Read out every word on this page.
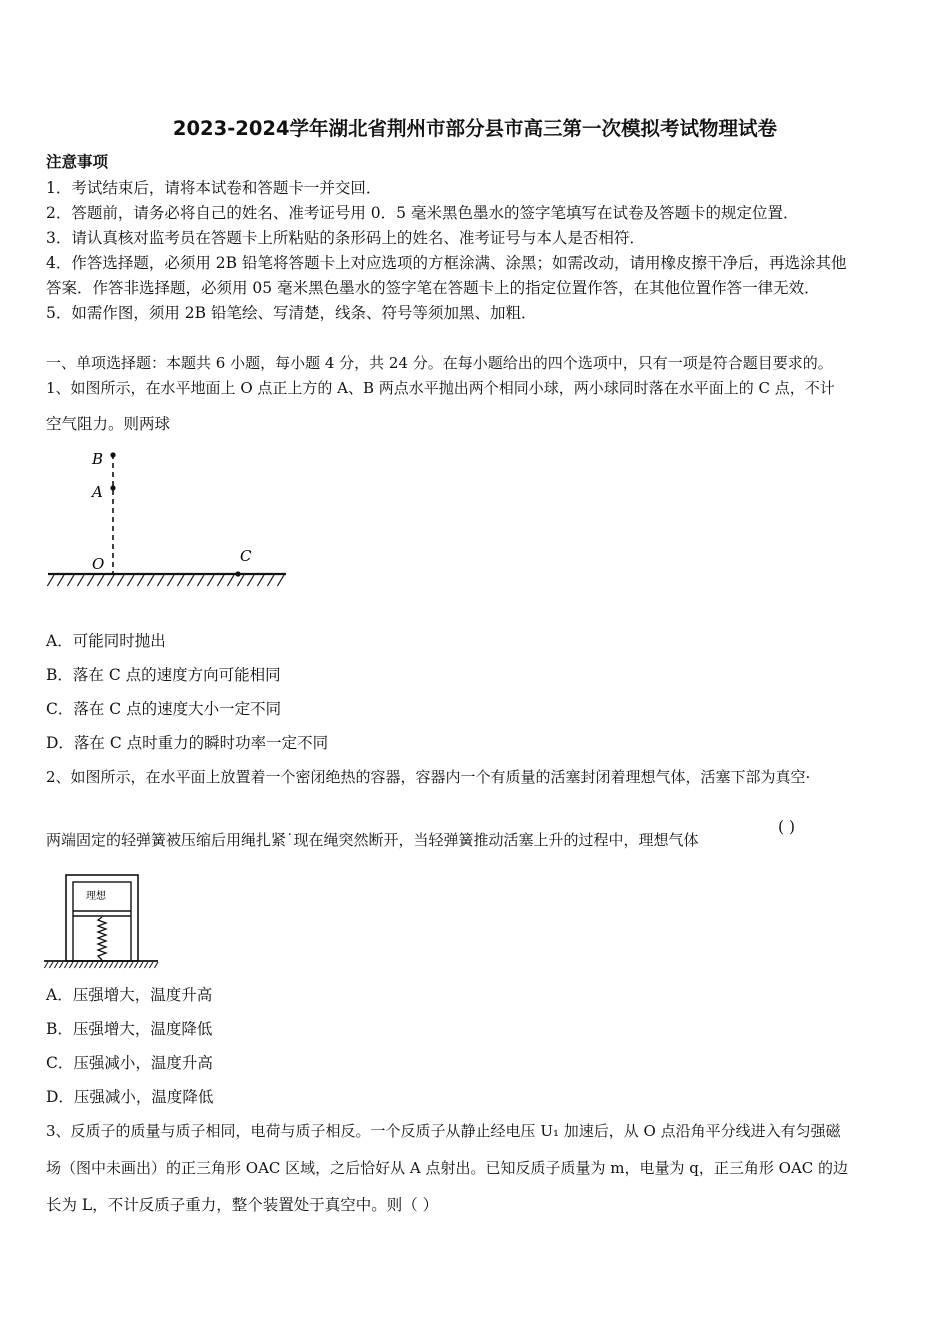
2023-2024学年湖北省荆州市部分县市高三第一次模拟考试物理试卷
注意事项
1．考试结束后，请将本试卷和答题卡一并交回．
2．答题前，请务必将自己的姓名、准考证号用 0．5 毫米黑色墨水的签字笔填写在试卷及答题卡的规定位置．
3．请认真核对监考员在答题卡上所粘贴的条形码上的姓名、准考证号与本人是否相符．
4．作答选择题，必须用 2B 铅笔将答题卡上对应选项的方框涂满、涂黑；如需改动，请用橡皮擦干净后，再选涂其他
答案．作答非选择题，必须用 05 毫米黑色墨水的签字笔在答题卡上的指定位置作答，在其他位置作答一律无效．
5．如需作图，须用 2B 铅笔绘、写清楚，线条、符号等须加黑、加粗．
一、单项选择题：本题共 6 小题，每小题 4 分，共 24 分。在每小题给出的四个选项中，只有一项是符合题目要求的。
1、如图所示，在水平地面上 O 点正上方的 A、B 两点水平抛出两个相同小球，两小球同时落在水平面上的 C 点，不计
空气阻力。则两球
B
A
O	C
A．可能同时抛出
B．落在 C 点的速度方向可能相同
C．落在 C 点的速度大小一定不同
D．落在 C 点时重力的瞬时功率一定不同
2、如图所示，在水平面上放置着一个密闭绝热的容器，容器内一个有质量的活塞封闭着理想气体，活塞下部为真空·
两端固定的轻弹簧被压缩后用绳扎紧˙现在绳突然断开，当轻弹簧推动活塞上升的过程中，理想气体
( )
理想
A．压强增大，温度升高
B．压强增大，温度降低
C．压强减小，温度升高
D．压强减小，温度降低
3、反质子的质量与质子相同，电荷与质子相反。一个反质子从静止经电压 U₁ 加速后，从 O 点沿角平分线进入有匀强磁
场（图中未画出）的正三角形 OAC 区域，之后恰好从 A 点射出。已知反质子质量为 m，电量为 q，正三角形 OAC 的边
长为 L，不计反质子重力，整个装置处于真空中。则（ ）
